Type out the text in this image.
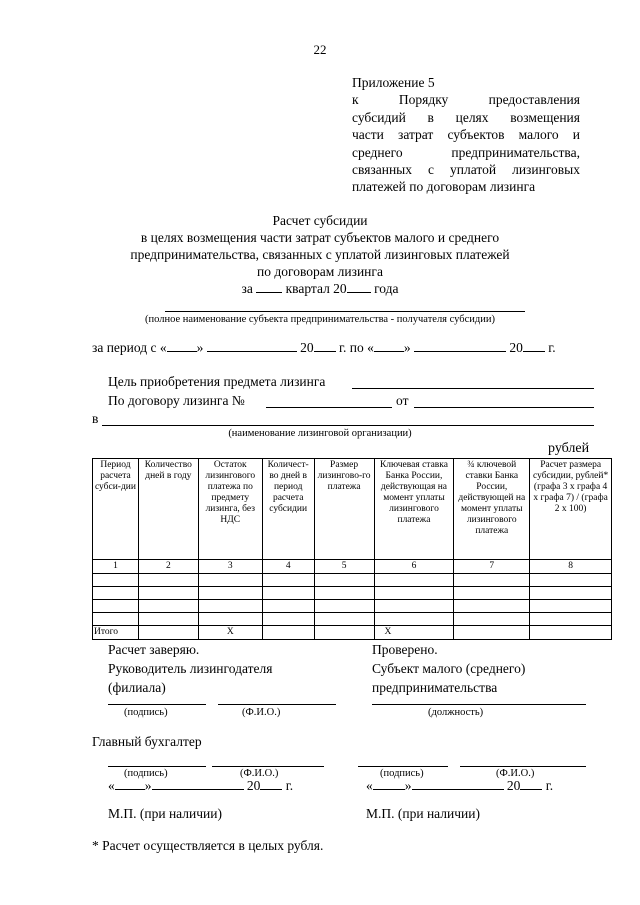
22
Приложение 5
к Порядку предоставления
субсидий в целях возмещения
части затрат субъектов малого и
среднего предпринимательства,
связанных с уплатой лизинговых
платежей по договорам лизинга
Расчет субсидии
в целях возмещения части затрат субъектов малого и среднего
предпринимательства, связанных с уплатой лизинговых платежей
по договорам лизинга
за квартал 20 года
(полное наименование субъекта предпринимательства - получателя субсидии)
за период с « »	20 г. по « »	20 г.
Цель приобретения предмета лизинга
По договору лизинга №	от
в
(наименование лизинговой организации)
рублей
Период расчета субси-дии	Количество дней в году	Остаток лизингового платежа по предмету лизинга, без НДС	Количест-во дней в период расчета субсидии	Размер лизингово-го платежа	Ключевая ставка Банка России, действующая на момент уплаты лизингового платежа	¾ ключевой ставки Банка России, действующей на момент уплаты лизингового платежа	Расчет размера субсидии, рублей* (графа 3 х графа 4 х графа 7) / (графа 2 х 100)
1	2	3	4	5	6	7	8

Итого		X			X		
Расчет заверяю.
Руководитель лизингодателя
(филиала)
Проверено.
Субъект малого (среднего)
предпринимательства
(подпись)	(Ф.И.О.)	(должность)
Главный бухгалтер
(подпись)	(Ф.И.О.)	(подпись)	(Ф.И.О.)
« »	20 г.	« »	20 г.
М.П. (при наличии)	М.П. (при наличии)
* Расчет осуществляется в целых рубля.
